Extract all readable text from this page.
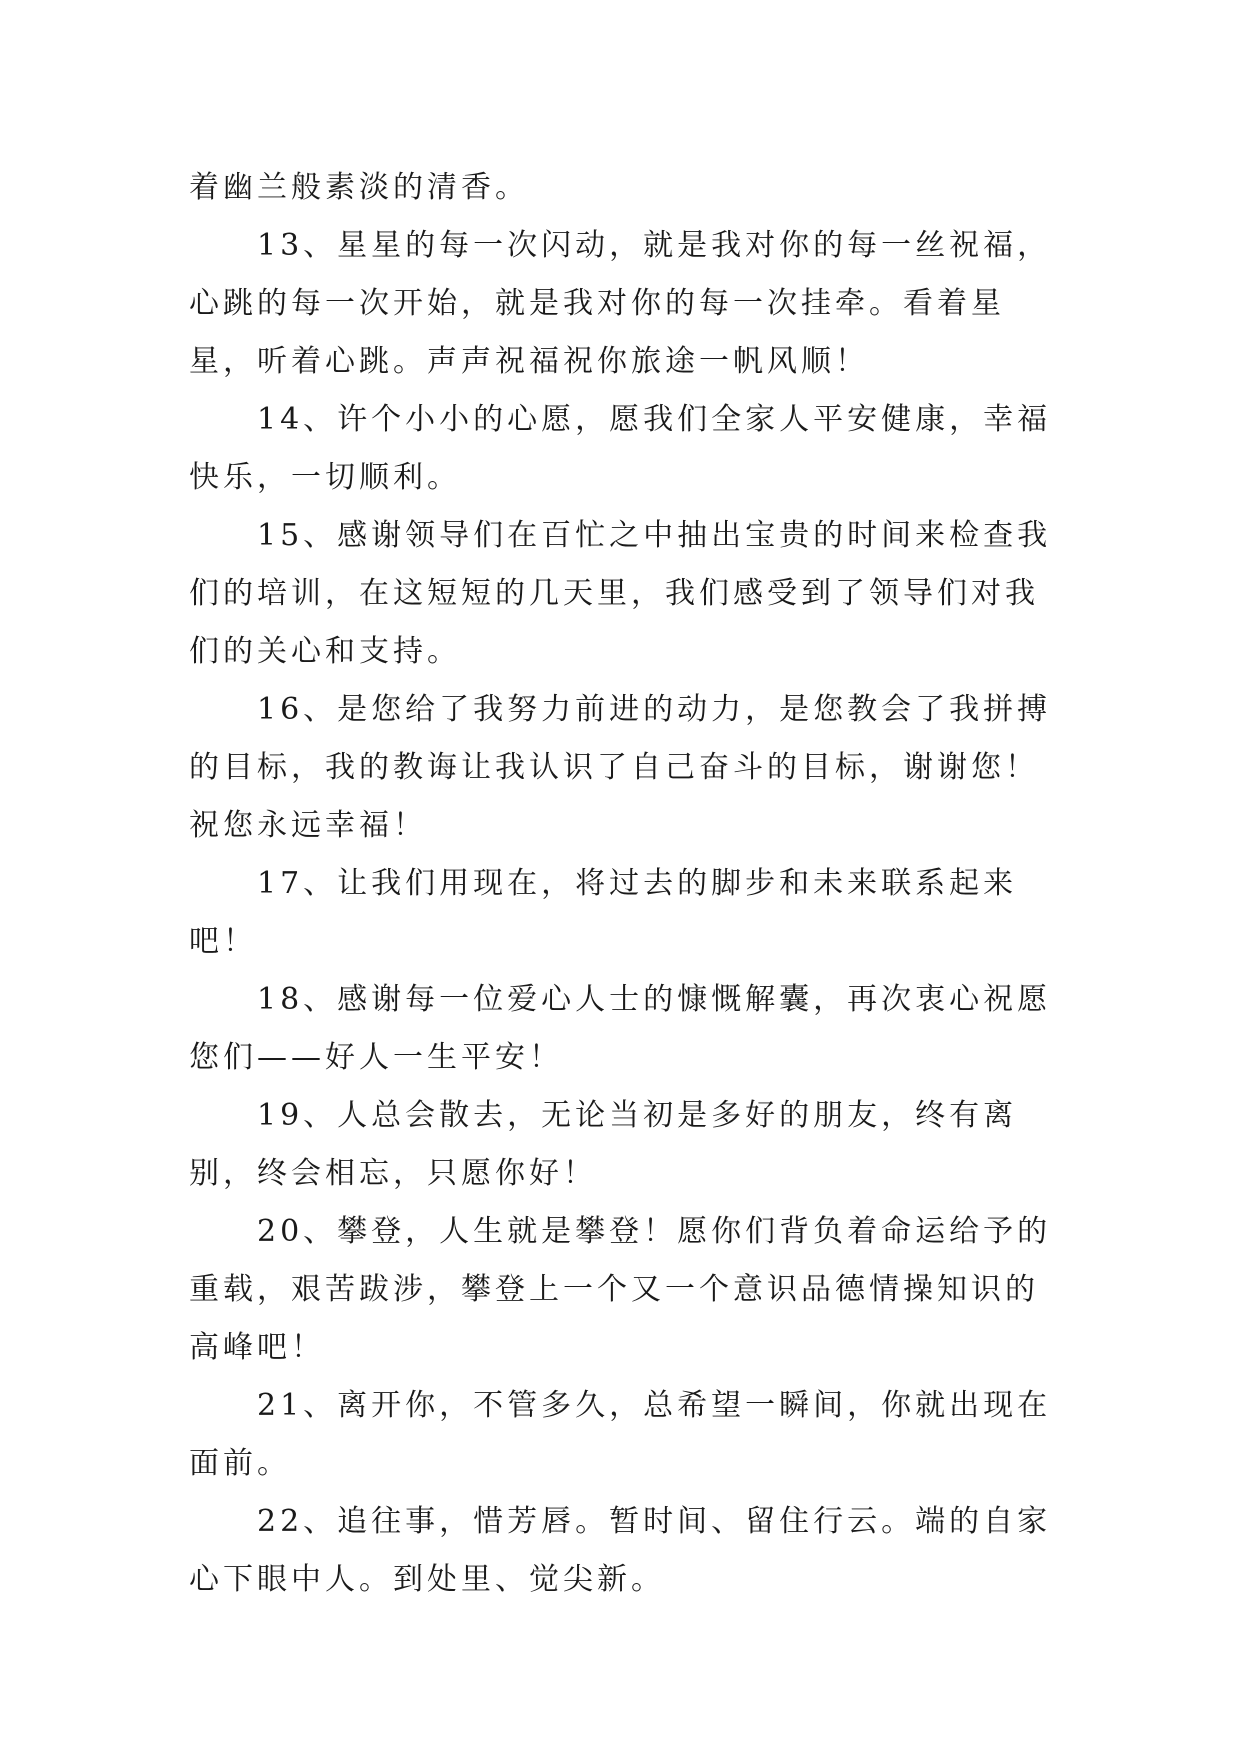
着幽兰般素淡的清香。

13、星星的每一次闪动，就是我对你的每一丝祝福，心跳的每一次开始，就是我对你的每一次挂牵。看着星星，听着心跳。声声祝福祝你旅途一帆风顺！

14、许个小小的心愿，愿我们全家人平安健康，幸福快乐，一切顺利。

15、感谢领导们在百忙之中抽出宝贵的时间来检查我们的培训，在这短短的几天里，我们感受到了领导们对我们的关心和支持。

16、是您给了我努力前进的动力，是您教会了我拼搏的目标，我的教诲让我认识了自己奋斗的目标，谢谢您！祝您永远幸福！

17、让我们用现在，将过去的脚步和未来联系起来吧！

18、感谢每一位爱心人士的慷慨解囊，再次衷心祝愿您们——好人一生平安！

19、人总会散去，无论当初是多好的朋友，终有离别，终会相忘，只愿你好！

20、攀登，人生就是攀登！愿你们背负着命运给予的重载，艰苦跋涉，攀登上一个又一个意识品德情操知识的高峰吧！

21、离开你，不管多久，总希望一瞬间，你就出现在面前。

22、追往事，惜芳唇。暂时间、留住行云。端的自家心下眼中人。到处里、觉尖新。
